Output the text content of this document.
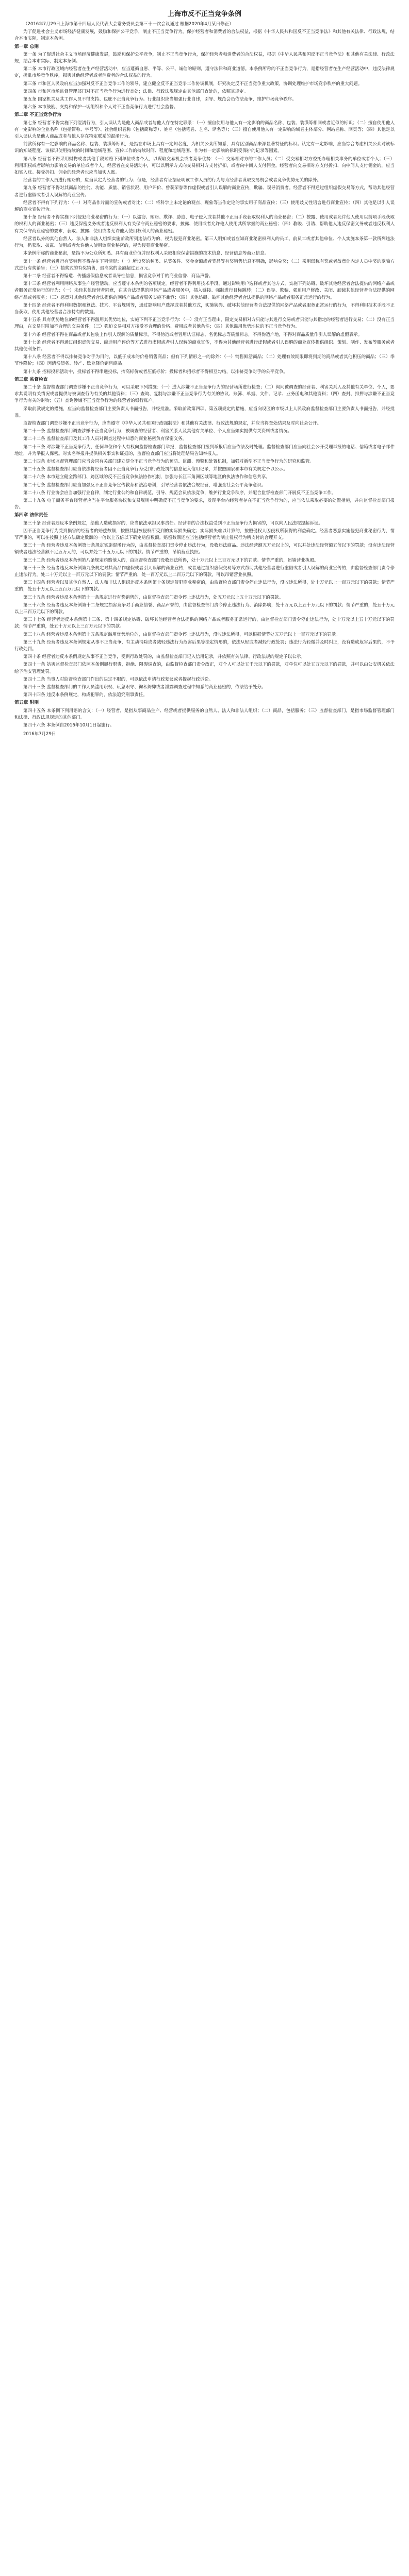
上海市反不正当竞争条例

（2016年7月29日上海市第十四届人民代表大会常务委员会第三十一次会议通过 根据2020年4月某日修正）

为了促进社会主义市场经济健康发展，鼓励和保护公平竞争，制止不正当竞争行为，保护经营者和消费者的合法权益，根据《中华人民共和国反不正当竞争法》和其他有关法律、行政法规，结合本市实际，制定本条例。

第一章 总则

第一条 为了促进社会主义市场经济健康发展，鼓励和保护公平竞争，制止不正当竞争行为，保护经营者和消费者的合法权益，根据《中华人民共和国反不正当竞争法》和其他有关法律、行政法规，结合本市实际，制定本条例。

第二条 本市行政区域内经营者在生产经营活动中，应当遵循自愿、平等、公平、诚信的原则，遵守法律和商业道德。本条例所称的不正当竞争行为，是指经营者在生产经营活动中，违反法律规定，扰乱市场竞争秩序，损害其他经营者或者消费者的合法权益的行为。

第三条 市和区人民政府应当加强对反不正当竞争工作的领导，建立健全反不正当竞争工作协调机制，研究决定反不正当竞争重大政策，协调处理维护市场竞争秩序的重大问题。

第四条 市和区市场监督管理部门对不正当竞争行为进行查处；法律、行政法规规定由其他部门查处的，依照其规定。

第五条 国家机关及其工作人员不得支持、包庇不正当竞争行为。行业组织应当加强行业自律，引导、规范会员依法竞争，维护市场竞争秩序。

第六条 本市鼓励、支持和保护一切组织和个人对不正当竞争行为进行社会监督。

第二章 不正当竞争行为

第七条 经营者不得实施下列混淆行为，引人误认为是他人商品或者与他人存在特定联系：（一）擅自使用与他人有一定影响的商品名称、包装、装潢等相同或者近似的标识；（二）擅自使用他人有一定影响的企业名称（包括简称、字号等）、社会组织名称（包括简称等）、姓名（包括笔名、艺名、译名等）；（三）擅自使用他人有一定影响的域名主体部分、网站名称、网页等；（四）其他足以引人误认为是他人商品或者与他人存在特定联系的混淆行为。

前款所称有一定影响的商品名称、包装、装潢等标识，是指在市场上具有一定知名度，为相关公众所知悉，具有区别商品来源显著特征的标识。认定有一定影响，应当综合考虑相关公众对该标识的知晓程度、该标识使用持续的时间和地域范围、宣传工作的持续时间、程度和地域范围、作为有一定影响的标识受保护的记录等因素。

第八条 经营者不得采用财物或者其他手段贿赂下列单位或者个人，以谋取交易机会或者竞争优势：（一）交易相对方的工作人员；（二）受交易相对方委托办理相关事务的单位或者个人；（三）利用职权或者影响力影响交易的单位或者个人。经营者在交易活动中，可以以明示方式向交易相对方支付折扣，或者向中间人支付佣金。经营者向交易相对方支付折扣、向中间人支付佣金的，应当如实入账。接受折扣、佣金的经营者也应当如实入账。

经营者的工作人员进行贿赂的，应当认定为经营者的行为；但是，经营者有证据证明该工作人员的行为与为经营者谋取交易机会或者竞争优势无关的除外。

第九条 经营者不得对其商品的性能、功能、质量、销售状况、用户评价、曾获荣誉等作虚假或者引人误解的商业宣传，欺骗、误导消费者。经营者不得通过组织虚假交易等方式，帮助其他经营者进行虚假或者引人误解的商业宣传。

经营者不得有下列行为：（一）对商品作片面的宣传或者对比；（二）将科学上未定论的观点、现象等当作定论的事实用于商品宣传；（三）使用歧义性语言进行商业宣传；（四）其他足以引人误解的商业宣传行为。

第十条 经营者不得实施下列侵犯商业秘密的行为：（一）以盗窃、贿赂、欺诈、胁迫、电子侵入或者其他不正当手段获取权利人的商业秘密；（二）披露、使用或者允许他人使用以前项手段获取的权利人的商业秘密；（三）违反保密义务或者违反权利人有关保守商业秘密的要求，披露、使用或者允许他人使用其所掌握的商业秘密；（四）教唆、引诱、帮助他人违反保密义务或者违反权利人有关保守商业秘密的要求，获取、披露、使用或者允许他人使用权利人的商业秘密。

经营者以外的其他自然人、法人和非法人组织实施前款所列违法行为的，视为侵犯商业秘密。第三人明知或者应知商业秘密权利人的员工、前员工或者其他单位、个人实施本条第一款所列违法行为，仍获取、披露、使用或者允许他人使用该商业秘密的，视为侵犯商业秘密。

本条例所称的商业秘密，是指不为公众所知悉、具有商业价值并经权利人采取相应保密措施的技术信息、经营信息等商业信息。

第十一条 经营者进行有奖销售不得存在下列情形：（一）所设奖的种类、兑奖条件、奖金金额或者奖品等有奖销售信息不明确，影响兑奖；（二）采用谎称有奖或者故意让内定人员中奖的欺骗方式进行有奖销售；（三）抽奖式的有奖销售，最高奖的金额超过五万元。

第十二条 经营者不得编造、传播虚假信息或者误导性信息，损害竞争对手的商业信誉、商品声誉。

第十三条 经营者利用网络从事生产经营活动，应当遵守本条例的各项规定。经营者不得利用技术手段，通过影响用户选择或者其他方式，实施下列妨碍、破坏其他经营者合法提供的网络产品或者服务正常运行的行为：（一）未经其他经营者同意，在其合法提供的网络产品或者服务中，插入链接、强制进行目标跳转；（二）误导、欺骗、强迫用户修改、关闭、卸载其他经营者合法提供的网络产品或者服务；（三）恶意对其他经营者合法提供的网络产品或者服务实施不兼容；（四）其他妨碍、破坏其他经营者合法提供的网络产品或者服务正常运行的行为。

第十四条 经营者不得利用数据和算法、技术、平台规则等，通过影响用户选择或者其他方式，实施妨碍、破坏其他经营者合法提供的网络产品或者服务正常运行的行为，不得利用技术手段不正当获取、使用其他经营者合法持有的数据。

第十五条 具有优势地位的经营者不得滥用其优势地位，实施下列不正当竞争行为：（一）没有正当理由，限定交易相对方只能与其进行交易或者只能与其指定的经营者进行交易；（二）没有正当理由，在交易时附加不合理的交易条件；（三）强迫交易相对方接受不合理的价格、费用或者其他条件；（四）其他滥用优势地位的不正当竞争行为。

第十六条 经营者不得在商品或者其包装上作引人误解的质量标示，不得伪造或者冒用认证标志、名优标志等质量标志，不得伪造产地，不得对商品质量作引人误解的虚假表示。

第十七条 经营者不得通过组织虚假交易、编造用户评价等方式进行虚假或者引人误解的商业宣传，不得为其他经营者进行虚假或者引人误解的商业宣传提供组织、策划、制作、发布等服务或者其他便利条件。

第十八条 经营者不得以排挤竞争对手为目的，以低于成本的价格销售商品；但有下列情形之一的除外：（一）销售鲜活商品；（二）处理有效期限即将到期的商品或者其他积压的商品；（三）季节性降价；（四）因清偿债务、转产、歇业降价销售商品。

第十九条 招标投标活动中，投标者不得串通投标，抬高标价或者压低标价；投标者和招标者不得相互勾结，以排挤竞争对手的公平竞争。

第三章 监督检查

第二十条 监督检查部门调查涉嫌不正当竞争行为，可以采取下列措施：（一）进入涉嫌不正当竞争行为的经营场所进行检查；（二）询问被调查的经营者、利害关系人及其他有关单位、个人，要求其说明有关情况或者提供与被调查行为有关的其他资料；（三）查询、复制与涉嫌不正当竞争行为有关的协议、账簿、单据、文件、记录、业务函电和其他资料；（四）查封、扣押与涉嫌不正当竞争行为有关的财物；（五）查询涉嫌不正当竞争行为的经营者的银行账户。

采取前款规定的措施，应当向监督检查部门主要负责人书面报告，并经批准。采取前款第四项、第五项规定的措施，应当向设区的市级以上人民政府监督检查部门主要负责人书面报告，并经批准。

监督检查部门调查涉嫌不正当竞争行为，应当遵守《中华人民共和国行政强制法》和其他有关法律、行政法规的规定，并应当将查处结果及时向社会公开。

第二十一条 监督检查部门调查涉嫌不正当竞争行为，被调查的经营者、利害关系人及其他有关单位、个人应当如实提供有关资料或者情况。

第二十二条 监督检查部门及其工作人员对调查过程中知悉的商业秘密负有保密义务。

第二十三条 对涉嫌不正当竞争行为，任何单位和个人有权向监督检查部门举报，监督检查部门接到举报后应当依法及时处理。监督检查部门应当向社会公开受理举报的电话、信箱或者电子邮件地址，并为举报人保密。对实名举报并提供相关事实和证据的，监督检查部门应当将处理结果告知举报人。

第二十四条 市场监督管理部门应当会同有关部门建立健全不正当竞争行为的预防、监测、预警和处置机制，加强对新型不正当竞争行为的研究和监管。

第二十五条 监督检查部门应当依法将经营者因不正当竞争行为受到行政处罚的信息记入信用记录，并按照国家和本市有关规定予以公示。

第二十六条 本市建立健全跨部门、跨区域的反不正当竞争执法协作机制，加强与长江三角洲区域等地区的执法协作和信息共享。

第二十七条 监督检查部门应当加强反不正当竞争宣传教育和法治培训，引导经营者依法合规经营，增强全社会公平竞争意识。

第二十八条 行业协会应当加强行业自律，制定行业公约和自律规范，引导、规范会员依法竞争，维护行业竞争秩序，并配合监督检查部门开展反不正当竞争工作。

第二十九条 电子商务平台经营者应当在平台服务协议和交易规则中明确反不正当竞争的要求，发现平台内经营者存在不正当竞争行为的，应当依法采取必要的处置措施，并向监督检查部门报告。

第四章 法律责任

第三十条 经营者违反本条例规定，给他人造成损害的，应当依法承担民事责任。经营者的合法权益受到不正当竞争行为损害的，可以向人民法院提起诉讼。

因不正当竞争行为受到损害的经营者的赔偿数额，按照其因被侵权所受到的实际损失确定；实际损失难以计算的，按照侵权人因侵权所获得的利益确定。经营者恶意实施侵犯商业秘密行为，情节严重的，可以在按照上述方法确定数额的一倍以上五倍以下确定赔偿数额。赔偿数额还应当包括经营者为制止侵权行为所支付的合理开支。

第三十一条 经营者违反本条例第七条规定实施混淆行为的，由监督检查部门责令停止违法行为，没收违法商品。违法经营额五万元以上的，可以并处违法经营额五倍以下的罚款；没有违法经营额或者违法经营额不足五万元的，可以并处二十五万元以下的罚款。情节严重的，吊销营业执照。

第三十二条 经营者违反本条例第八条规定贿赂他人的，由监督检查部门没收违法所得，处十万元以上三百万元以下的罚款。情节严重的，吊销营业执照。

第三十三条 经营者违反本条例第九条规定对其商品作虚假或者引人误解的商业宣传，或者通过组织虚假交易等方式帮助其他经营者进行虚假或者引人误解的商业宣传的，由监督检查部门责令停止违法行为，处二十万元以上一百万元以下的罚款；情节严重的，处一百万元以上二百万元以下的罚款，可以吊销营业执照。

第三十四条 经营者以及其他自然人、法人和非法人组织违反本条例第十条规定侵犯商业秘密的，由监督检查部门责令停止违法行为，没收违法所得，处十万元以上一百万元以下的罚款；情节严重的，处五十万元以上五百万元以下的罚款。

第三十五条 经营者违反本条例第十一条规定进行有奖销售的，由监督检查部门责令停止违法行为，处五万元以上五十万元以下的罚款。

第三十六条 经营者违反本条例第十二条规定损害竞争对手商业信誉、商品声誉的，由监督检查部门责令停止违法行为、消除影响，处十万元以上五十万元以下的罚款；情节严重的，处五十万元以上三百万元以下的罚款。

第三十七条 经营者违反本条例第十三条、第十四条规定妨碍、破坏其他经营者合法提供的网络产品或者服务正常运行的，由监督检查部门责令停止违法行为，处十万元以上五十万元以下的罚款；情节严重的，处五十万元以上三百万元以下的罚款。

第三十八条 经营者违反本条例第十五条规定滥用优势地位的，由监督检查部门责令停止违法行为，没收违法所得，可以根据情节处五万元以上一百万元以下的罚款。

第三十九条 经营者违反本条例规定从事不正当竞争，有主动消除或者减轻违法行为危害后果等法定情形的，依法从轻或者减轻行政处罚；违法行为轻微并及时纠正，没有造成危害后果的，不予行政处罚。

第四十条 经营者违反本条例规定从事不正当竞争，受到行政处罚的，由监督检查部门记入信用记录，并依照有关法律、行政法规的规定予以公示。

第四十一条 妨害监督检查部门依照本条例履行职责，拒绝、阻碍调查的，由监督检查部门责令改正，对个人可以处五千元以下的罚款，对单位可以处五万元以下的罚款，并可以由公安机关依法给予治安管理处罚。

第四十二条 当事人对监督检查部门作出的决定不服的，可以依法申请行政复议或者提起行政诉讼。

第四十三条 监督检查部门的工作人员滥用职权、玩忽职守、徇私舞弊或者泄露调查过程中知悉的商业秘密的，依法给予处分。

第四十四条 违反本条例规定，构成犯罪的，依法追究刑事责任。

第五章 附则

第四十五条 本条例下列用语的含义：（一）经营者，是指从事商品生产、经营或者提供服务的自然人、法人和非法人组织；（二）商品，包括服务；（三）监督检查部门，是指市场监督管理部门和法律、行政法规规定的其他部门。

第四十六条 本条例自2016年10月1日起施行。

2016年7月29日
